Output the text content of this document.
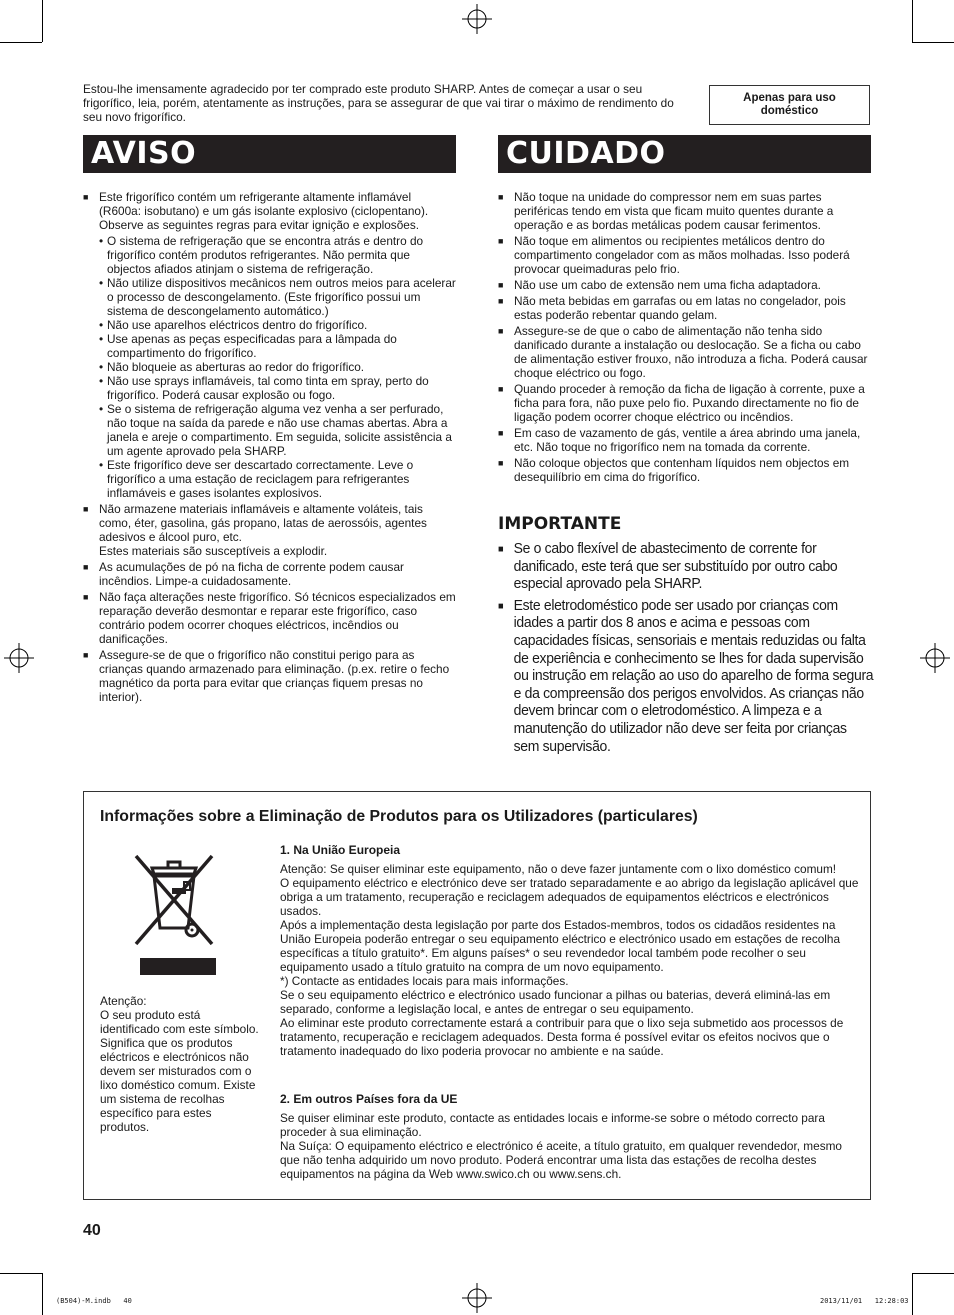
Estou-lhe imensamente agradecido por ter comprado este produto SHARP. Antes de começar a usar o seu frigorífico, leia, porém, atentamente as instruções, para se assegurar de que vai tirar o máximo de rendimento do seu novo frigorífico.

Apenas para uso doméstico
AVISO	CUIDADO
■ Este frigorífico contém um refrigerante altamente inflamável (R600a: isobutano) e um gás isolante explosivo (ciclopentano). Observe as seguintes regras para evitar ignição e explosões.
• O sistema de refrigeração que se encontra atrás e dentro do frigorífico contém produtos refrigerantes. Não permita que objectos afiados atinjam o sistema de refrigeração.
• Não utilize dispositivos mecânicos nem outros meios para acelerar o processo de descongelamento. (Este frigorífico possui um sistema de descongelamento automático.)
• Não use aparelhos eléctricos dentro do frigorífico.
• Use apenas as peças especificadas para a lâmpada do compartimento do frigorífico.
• Não bloqueie as aberturas ao redor do frigorífico.
• Não use sprays inflamáveis, tal como tinta em spray, perto do frigorífico. Poderá causar explosão ou fogo.
• Se o sistema de refrigeração alguma vez venha a ser perfurado, não toque na saída da parede e não use chamas abertas. Abra a janela e areje o compartimento. Em seguida, solicite assistência a um agente aprovado pela SHARP.
• Este frigorífico deve ser descartado correctamente. Leve o frigorífico a uma estação de reciclagem para refrigerantes inflamáveis e gases isolantes explosivos.
■ Não armazene materiais inflamáveis e altamente voláteis, tais como, éter, gasolina, gás propano, latas de aerossóis, agentes adesivos e álcool puro, etc.
Estes materiais são susceptíveis a explodir.
■ As acumulações de pó na ficha de corrente podem causar incêndios. Limpe-a cuidadosamente.
■ Não faça alterações neste frigorífico. Só técnicos especializados em reparação deverão desmontar e reparar este frigorífico, caso contrário podem ocorrer choques eléctricos, incêndios ou danificações.
■ Assegure-se de que o frigorífico não constitui perigo para as crianças quando armazenado para eliminação. (p.ex. retire o fecho magnético da porta para evitar que crianças fiquem presas no interior).
■ Não toque na unidade do compressor nem em suas partes periféricas tendo em vista que ficam muito quentes durante a operação e as bordas metálicas podem causar ferimentos.
■ Não toque em alimentos ou recipientes metálicos dentro do compartimento congelador com as mãos molhadas. Isso poderá provocar queimaduras pelo frio.
■ Não use um cabo de extensão nem uma ficha adaptadora.
■ Não meta bebidas em garrafas ou em latas no congelador, pois estas poderão rebentar quando gelam.
■ Assegure-se de que o cabo de alimentação não tenha sido danificado durante a instalação ou deslocação. Se a ficha ou cabo de alimentação estiver frouxo, não introduza a ficha. Poderá causar choque eléctrico ou fogo.
■ Quando proceder à remoção da ficha de ligação à corrente, puxe a ficha para fora, não puxe pelo fio. Puxando directamente no fio de ligação podem ocorrer choque eléctrico ou incêndios.
■ Em caso de vazamento de gás, ventile a área abrindo uma janela, etc. Não toque no frigorífico nem na tomada da corrente.
■ Não coloque objectos que contenham líquidos nem objectos em desequilíbrio em cima do frigorífico.
IMPORTANTE
■ Se o cabo flexível de abastecimento de corrente for danificado, este terá que ser substituído por outro cabo especial aprovado pela SHARP.
■ Este eletrodoméstico pode ser usado por crianças com idades a partir dos 8 anos e acima e pessoas com capacidades físicas, sensoriais e mentais reduzidas ou falta de experiência e conhecimento se lhes for dada supervisão ou instrução em relação ao uso do aparelho de forma segura e da compreensão dos perigos envolvidos. As crianças não devem brincar com o eletrodoméstico. A limpeza e a manutenção do utilizador não deve ser feita por crianças sem supervisão.
Informações sobre a Eliminação de Produtos para os Utilizadores (particulares)

Atenção:
O seu produto está identificado com este símbolo. Significa que os produtos eléctricos e electrónicos não devem ser misturados com o lixo doméstico comum. Existe um sistema de recolhas específico para estes produtos.

1. Na União Europeia

Atenção: Se quiser eliminar este equipamento, não o deve fazer juntamente com o lixo doméstico comum!

O equipamento eléctrico e electrónico deve ser tratado separadamente e ao abrigo da legislação aplicável que obriga a um tratamento, recuperação e reciclagem adequados de equipamentos eléctricos e electrónicos usados.

Após a implementação desta legislação por parte dos Estados-membros, todos os cidadãos residentes na União Europeia poderão entregar o seu equipamento eléctrico e electrónico usado em estações de recolha específicas a título gratuito*. Em alguns países* o seu revendedor local também pode recolher o seu equipamento usado a título gratuito na compra de um novo equipamento.

*) Contacte as entidades locais para mais informações.

Se o seu equipamento eléctrico e electrónico usado funcionar a pilhas ou baterias, deverá eliminá-las em separado, conforme a legislação local, e antes de entregar o seu equipamento.

Ao eliminar este produto correctamente estará a contribuir para que o lixo seja submetido aos processos de tratamento, recuperação e reciclagem adequados. Desta forma é possível evitar os efeitos nocivos que o tratamento inadequado do lixo poderia provocar no ambiente e na saúde.

2. Em outros Países fora da UE

Se quiser eliminar este produto, contacte as entidades locais e informe-se sobre o método correcto para proceder à sua eliminação.

Na Suíça: O equipamento eléctrico e electrónico é aceite, a título gratuito, em qualquer revendedor, mesmo que não tenha adquirido um novo produto. Poderá encontrar uma lista das estações de recolha destes equipamentos na página da Web www.swico.ch ou www.sens.ch.

40

(B504)-M.indb   40	2013/11/01   12:28:03
